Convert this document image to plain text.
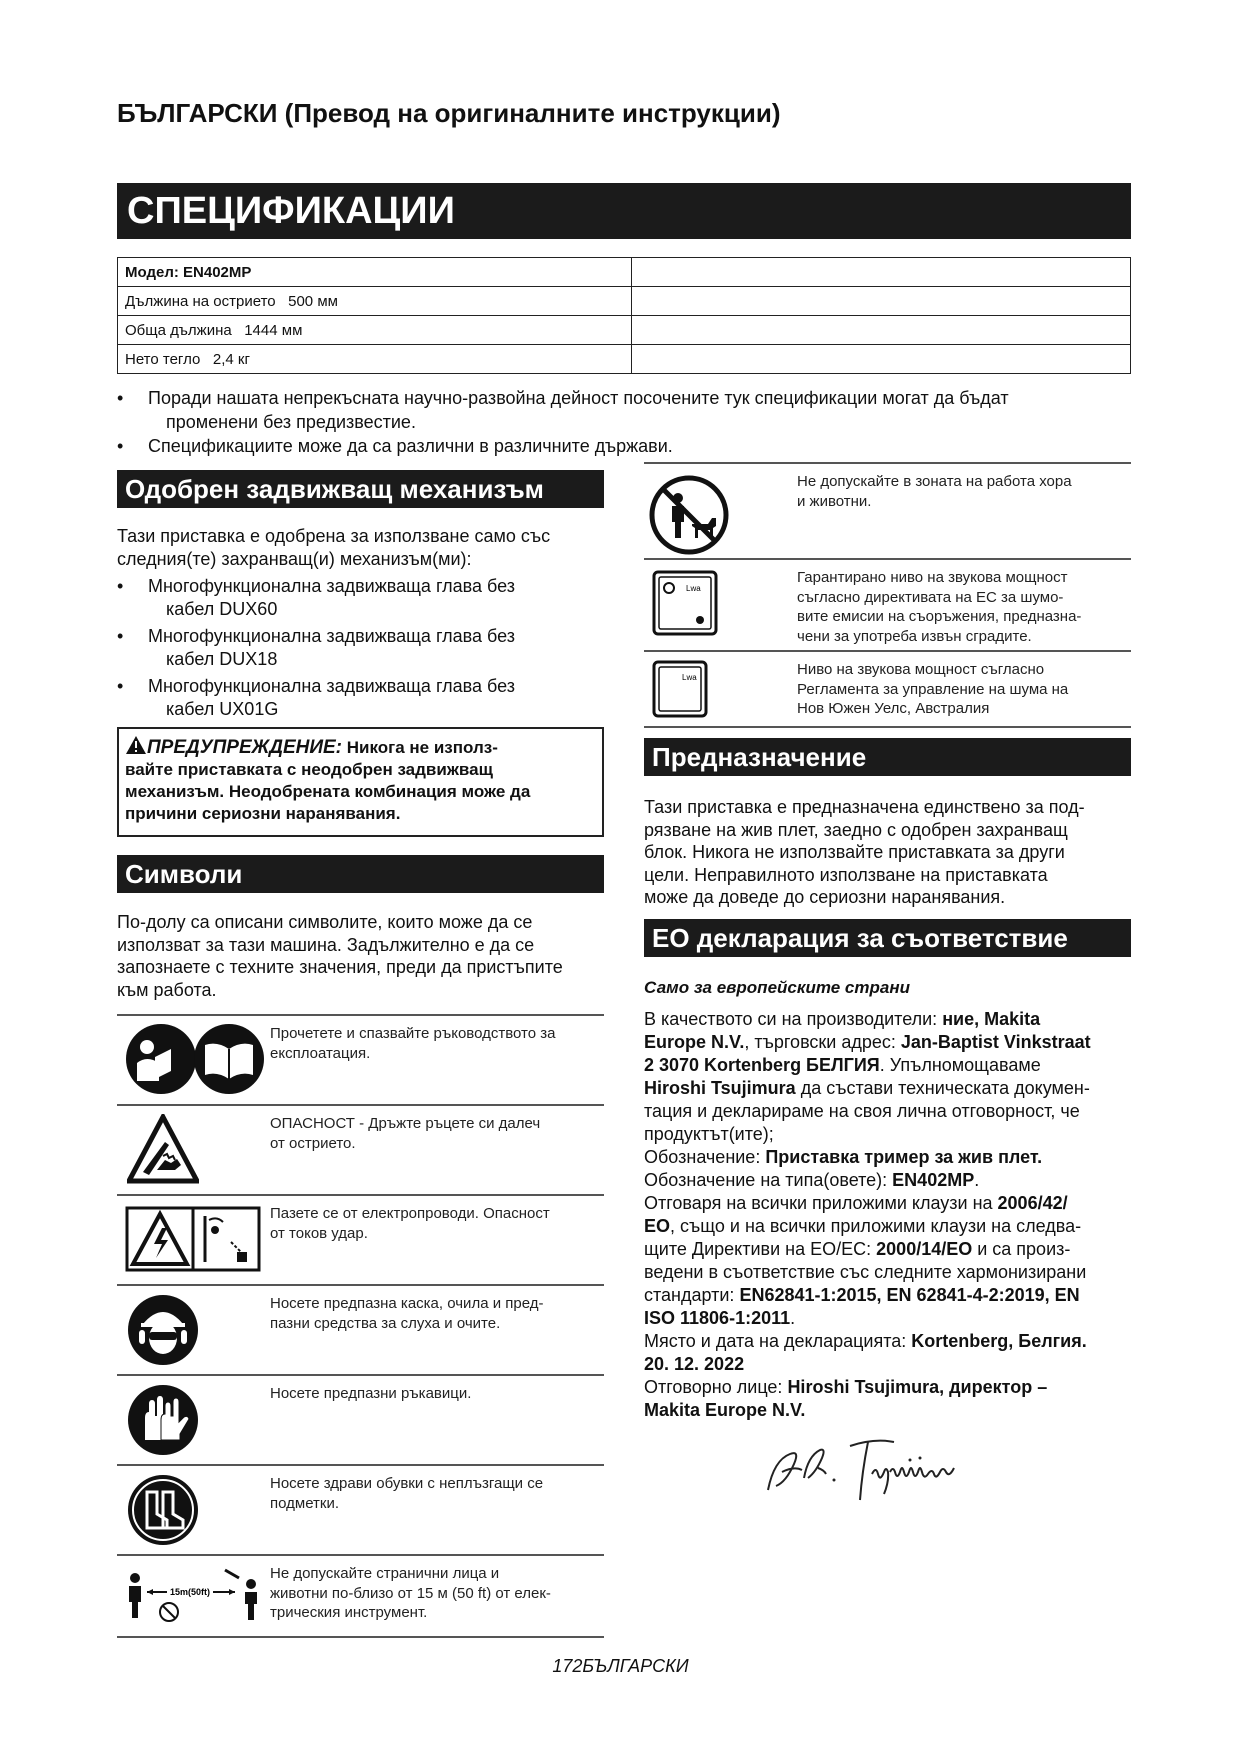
БЪЛГАРСКИ (Превод на оригиналните инструкции)
СПЕЦИФИКАЦИИ
Модел: EN402MP	
Дължина на острието 500 мм	
Обща дължина 1444 мм	
Нето тегло 2,4 кг	
• Поради нашата непрекъсната научно-развойна дейност посочените тук спецификации могат да бъдат
променени без предизвестие.
• Спецификациите може да са различни в различните държави.
Одобрен задвижващ механизъм
Тази приставка е одобрена за използване само със
следния(те) захранващ(и) механизъм(ми):
• Многофункционална задвижваща глава без
кабел DUX60
• Многофункционална задвижваща глава без
кабел DUX18
• Многофункционална задвижваща глава без
кабел UX01G
ПРЕДУПРЕЖДЕНИЕ: Никога не използ-
вайте приставката с неодобрен задвижващ
механизъм. Неодобрената комбинация може да
причини сериозни наранявания.
Символи
По-долу са описани символите, които може да се
използват за тази машина. Задължително е да се
запознаете с техните значения, преди да пристъпите
към работа.

Прочетете и спазвайте ръководството за
експлоатация.

ОПАСНОСТ - Дръжте ръцете си далеч
от острието.

Пазете се от електропроводи. Опасност
от токов удар.

Носете предпазна каска, очила и пред-
пазни средства за слуха и очите.

Носете предпазни ръкавици.

Носете здрави обувки с неплъзгащи се
подметки.

15m(50ft)	Не допускайте странични лица и
животни по-близо от 15 м (50 ft) от елек-
трическия инструмент.

Не допускайте в зоната на работа хора
и животни.

Lwa	Гарантирано ниво на звукова мощност
съгласно директивата на ЕС за шумо-
вите емисии на съоръжения, предназна-
чени за употреба извън сградите.

Lwa	Ниво на звукова мощност съгласно
Регламента за управление на шума на
Нов Южен Уелс, Австралия
Предназначение
Тази приставка е предназначена единствено за под-
рязване на жив плет, заедно с одобрен захранващ
блок. Никога не използвайте приставката за други
цели. Неправилното използване на приставката
може да доведе до сериозни наранявания.
ЕО декларация за съответствие
Само за европейските страни
В качеството си на производители: ние, Makita
Europe N.V., търговски адрес: Jan-Baptist Vinkstraat
2 3070 Kortenberg БЕЛГИЯ. Упълномощаваме
Hiroshi Tsujimura да състави техническата докумен-
тация и декларираме на своя лична отговорност, че
продуктът(ите);
Обозначение: Приставка тример за жив плет.
Обозначение на типа(овете): EN402MP.
Отговаря на всички приложими клаузи на 2006/42/
ЕО, също и на всички приложими клаузи на следва-
щите Директиви на ЕО/ЕС: 2000/14/ЕО и са произ-
ведени в съответствие със следните хармонизирани
стандарти: EN62841-1:2015, EN 62841-4-2:2019, EN
ISO 11806-1:2011.
Място и дата на декларацията: Kortenberg, Белгия.
20. 12. 2022
Отговорно лице: Hiroshi Tsujimura, директор –
Makita Europe N.V.
172БЪЛГАРСКИ
